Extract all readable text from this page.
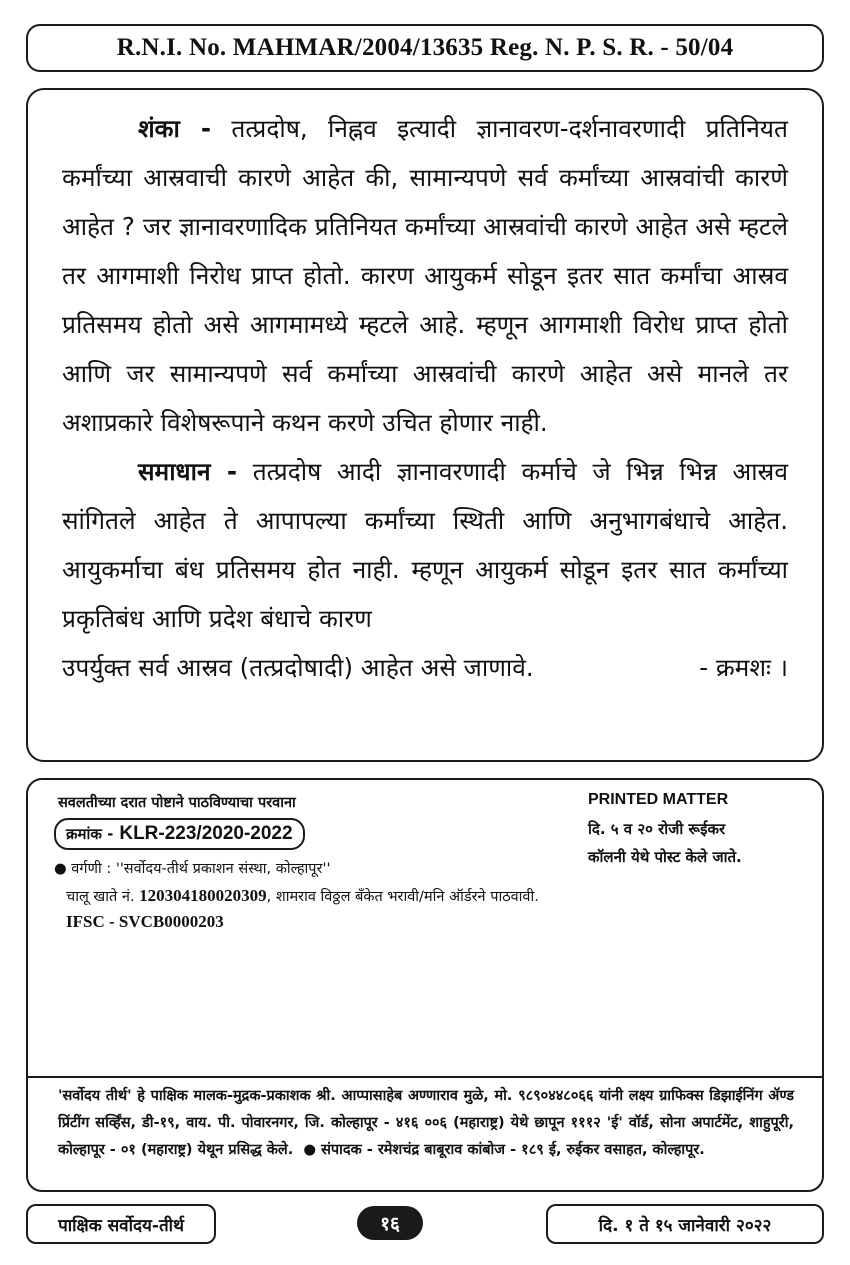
R.N.I. No. MAHMAR/2004/13635 Reg. N. P. S. R. - 50/04

शंका - तत्प्रदोष, निह्नव इत्यादी ज्ञानावरण-दर्शनावरणादी प्रतिनियत कर्मांच्या आस्रवाची कारणे आहेत की, सामान्यपणे सर्व कर्मांच्या आस्रवांची कारणे आहेत ? जर ज्ञानावरणादिक प्रतिनियत कर्मांच्या आस्रवांची कारणे आहेत असे म्हटले तर आगमाशी निरोध प्राप्त होतो. कारण आयुकर्म सोडून इतर सात कर्मांचा आस्रव प्रतिसमय होतो असे आगमामध्ये म्हटले आहे. म्हणून आगमाशी विरोध प्राप्त होतो आणि जर सामान्यपणे सर्व कर्मांच्या आस्रवांची कारणे आहेत असे मानले तर अशाप्रकारे विशेषरूपाने कथन करणे उचित होणार नाही.

समाधान - तत्प्रदोष आदी ज्ञानावरणादी कर्माचे जे भिन्न भिन्न आस्रव सांगितले आहेत ते आपापल्या कर्मांच्या स्थिती आणि अनुभागबंधाचे आहेत. आयुकर्माचा बंध प्रतिसमय होत नाही. म्हणून आयुकर्म सोडून इतर सात कर्मांच्या प्रकृतिबंध आणि प्रदेश बंधाचे कारण

उपर्युक्त सर्व आस्रव (तत्प्रदोषादी) आहेत असे जाणावे.	- क्रमशः ।
सवलतीच्या दरात पोष्टाने पाठविण्याचा परवाना
क्रमांक - KLR-223/2020-2022
PRINTED MATTER
दि. ५ व २० रोजी रूईकर
कॉलनी येथे पोस्ट केले जाते.
● वर्गणी : ''सर्वोदय-तीर्थ प्रकाशन संस्था, कोल्हापूर''
चालू खाते नं. 120304180020309, शामराव विठ्ठल बँकेत भरावी/मनि ऑर्डरने पाठवावी.
IFSC - SVCB0000203
'सर्वोदय तीर्थ' हे पाक्षिक मालक-मुद्रक-प्रकाशक श्री. आप्पासाहेब अण्णाराव मुळे, मो. ९८९०४४८०६६ यांनी लक्ष्य ग्राफिक्स डिझाईनिंग ॲण्ड प्रिंटींग सर्व्हिंस, डी-१९, वाय. पी. पोवारनगर, जि. कोल्हापूर - ४१६ ००६ (महाराष्ट्र) येथे छापून १११२ 'ई' वॉर्ड, सोना अपार्टमेंट, शाहुपूरी, कोल्हापूर - ०१ (महाराष्ट्र) येथून प्रसिद्ध केले. ● संपादक - रमेशचंद्र बाबूराव कांबोज - १८९ ई, रुईकर वसाहत, कोल्हापूर.
पाक्षिक सर्वोदय-तीर्थ	१६	दि. १ ते १५ जानेवारी २०२२
